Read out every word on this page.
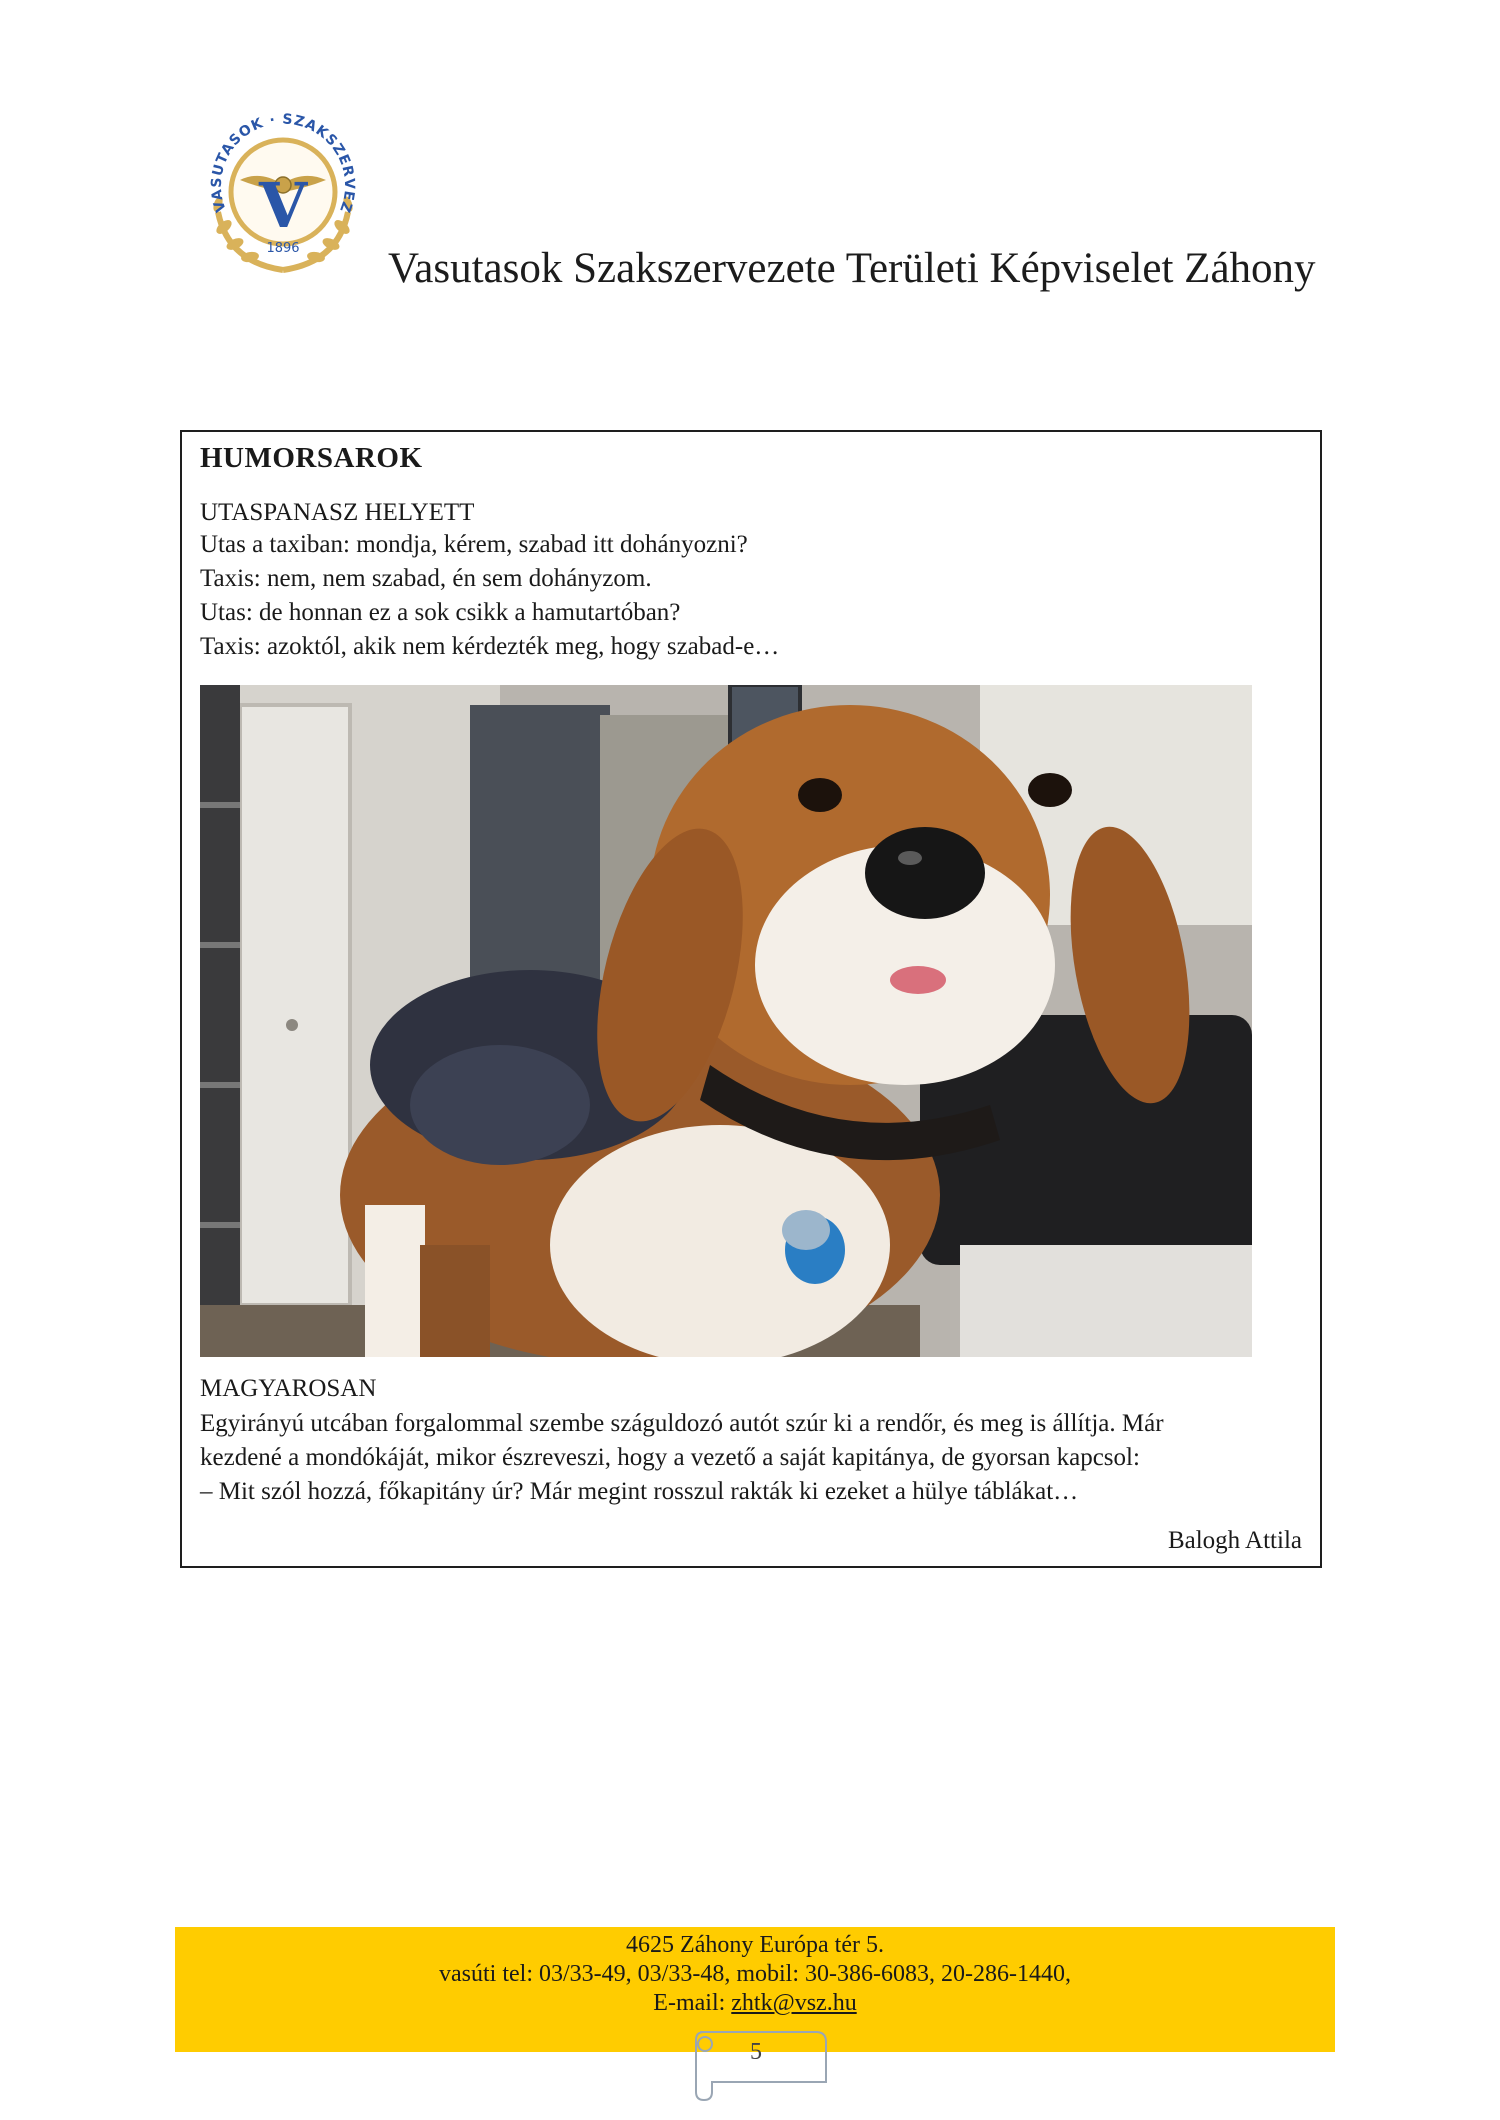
VASUTASOK · SZAKSZERVEZ
V
1896 Vasutasok Szakszervezete Területi Képviselet Záhony
HUMORSAROK
UTASPANASZ HELYETT
Utas a taxiban: mondja, kérem, szabad itt dohányozni?
Taxis: nem, nem szabad, én sem dohányzom.
Utas: de honnan ez a sok csikk a hamutartóban?
Taxis: azoktól, akik nem kérdezték meg, hogy szabad-e…
MAGYAROSAN
Egyirányú utcában forgalommal szembe száguldozó autót szúr ki a rendőr, és meg is állítja. Már
kezdené a mondókáját, mikor észreveszi, hogy a vezető a saját kapitánya, de gyorsan kapcsol:
– Mit szól hozzá, főkapitány úr? Már megint rosszul rakták ki ezeket a hülye táblákat…
Balogh Attila
4625 Záhony Európa tér 5.
vasúti tel: 03/33-49, 03/33-48, mobil: 30-386-6083, 20-286-1440,
E-mail: zhtk@vsz.hu
5
